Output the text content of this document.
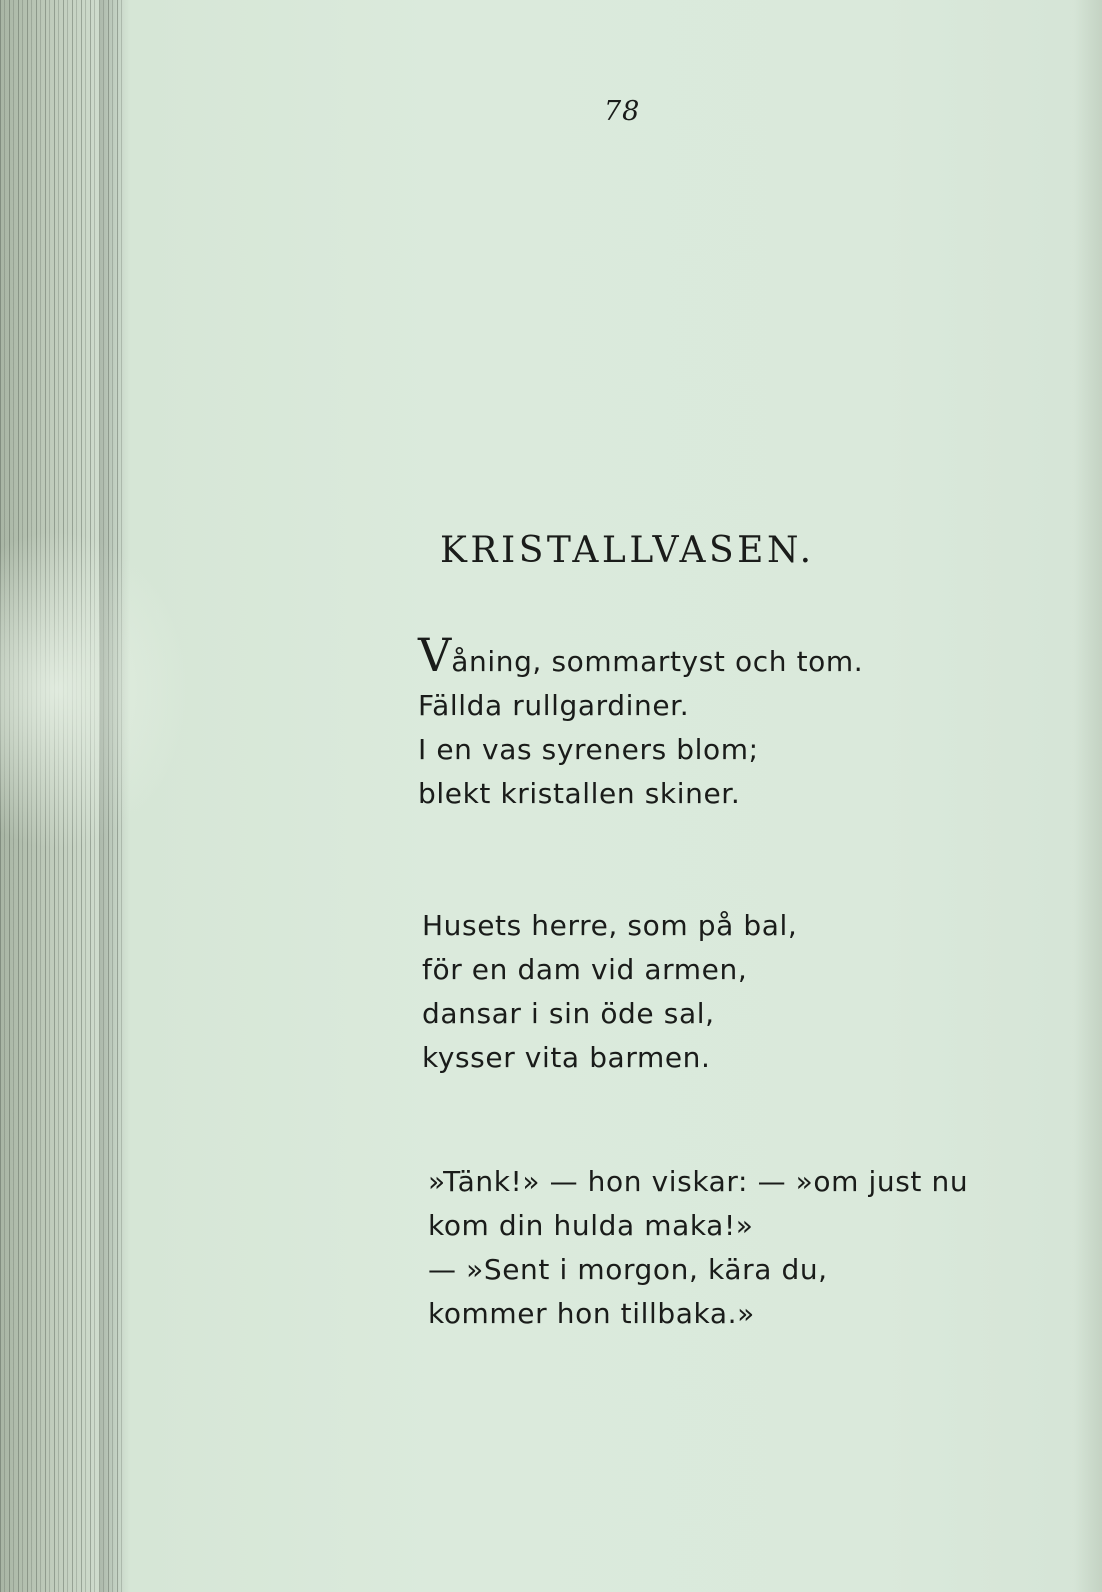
78
KRISTALLVASEN.

Våning, sommartyst och tom.
Fällda rullgardiner.
I en vas syreners blom;
blekt kristallen skiner.

Husets herre, som på bal,
för en dam vid armen,
dansar i sin öde sal,
kysser vita barmen.

»Tänk!» — hon viskar: — »om just nu
kom din hulda maka!»
— »Sent i morgon, kära du,
kommer hon tillbaka.»
